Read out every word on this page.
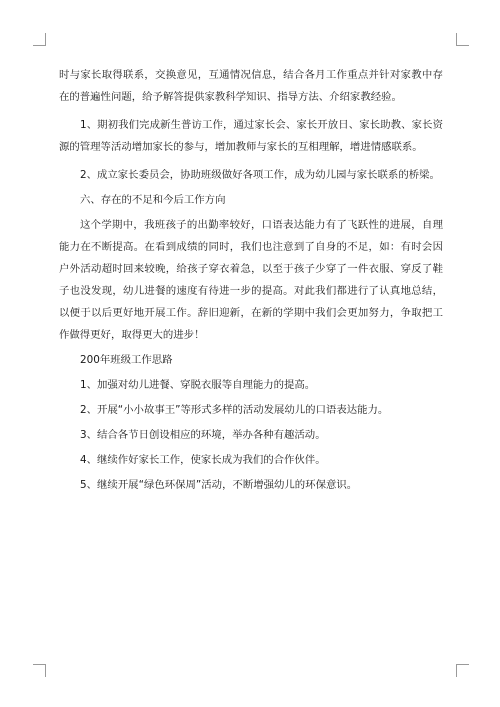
时与家长取得联系，交换意见，互通情况信息，结合各月工作重点并针对家教中存在的普遍性问题，给予解答提供家教科学知识、指导方法、介绍家教经验。

1、期初我们完成新生普访工作，通过家长会、家长开放日、家长助教、家长资源的管理等活动增加家长的参与，增加教师与家长的互相理解，增进情感联系。

2、成立家长委员会，协助班级做好各项工作，成为幼儿园与家长联系的桥梁。

六、存在的不足和今后工作方向

这个学期中，我班孩子的出勤率较好，口语表达能力有了飞跃性的进展，自理能力在不断提高。在看到成绩的同时，我们也注意到了自身的不足，如：有时会因户外活动超时回来较晚，给孩子穿衣着急，以至于孩子少穿了一件衣服、穿反了鞋子也没发现，幼儿进餐的速度有待进一步的提高。对此我们都进行了认真地总结，以便于以后更好地开展工作。辞旧迎新，在新的学期中我们会更加努力，争取把工作做得更好，取得更大的进步！

200年班级工作思路

1、加强对幼儿进餐、穿脱衣服等自理能力的提高。

2、开展“小小故事王”等形式多样的活动发展幼儿的口语表达能力。

3、结合各节日创设相应的环境，举办各种有趣活动。

4、继续作好家长工作，使家长成为我们的合作伙伴。

5、继续开展“绿色环保周”活动，不断增强幼儿的环保意识。
